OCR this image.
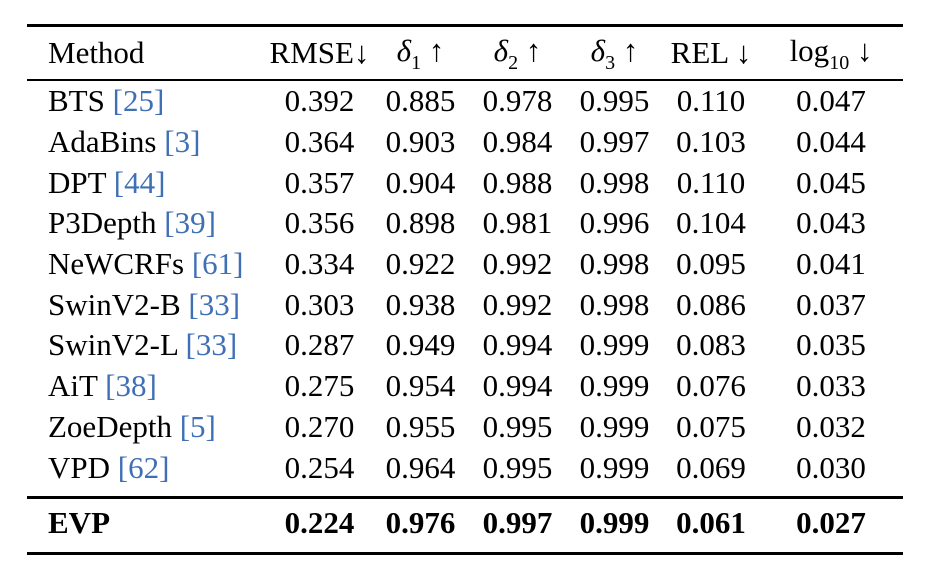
Method	RMSE↓	$\delta_1$ ↑	$\delta_2$ ↑	$\delta_3$ ↑	REL ↓	$\log_{10}$ ↓
BTS [25]	0.392	0.885	0.978	0.995	0.110	0.047
AdaBins [3]	0.364	0.903	0.984	0.997	0.103	0.044
DPT [44]	0.357	0.904	0.988	0.998	0.110	0.045
P3Depth [39]	0.356	0.898	0.981	0.996	0.104	0.043
NeWCRFs [61]	0.334	0.922	0.992	0.998	0.095	0.041
SwinV2-B [33]	0.303	0.938	0.992	0.998	0.086	0.037
SwinV2-L [33]	0.287	0.949	0.994	0.999	0.083	0.035
AiT [38]	0.275	0.954	0.994	0.999	0.076	0.033
ZoeDepth [5]	0.270	0.955	0.995	0.999	0.075	0.032
VPD [62]	0.254	0.964	0.995	0.999	0.069	0.030
EVP	0.224	0.976	0.997	0.999	0.061	0.027
